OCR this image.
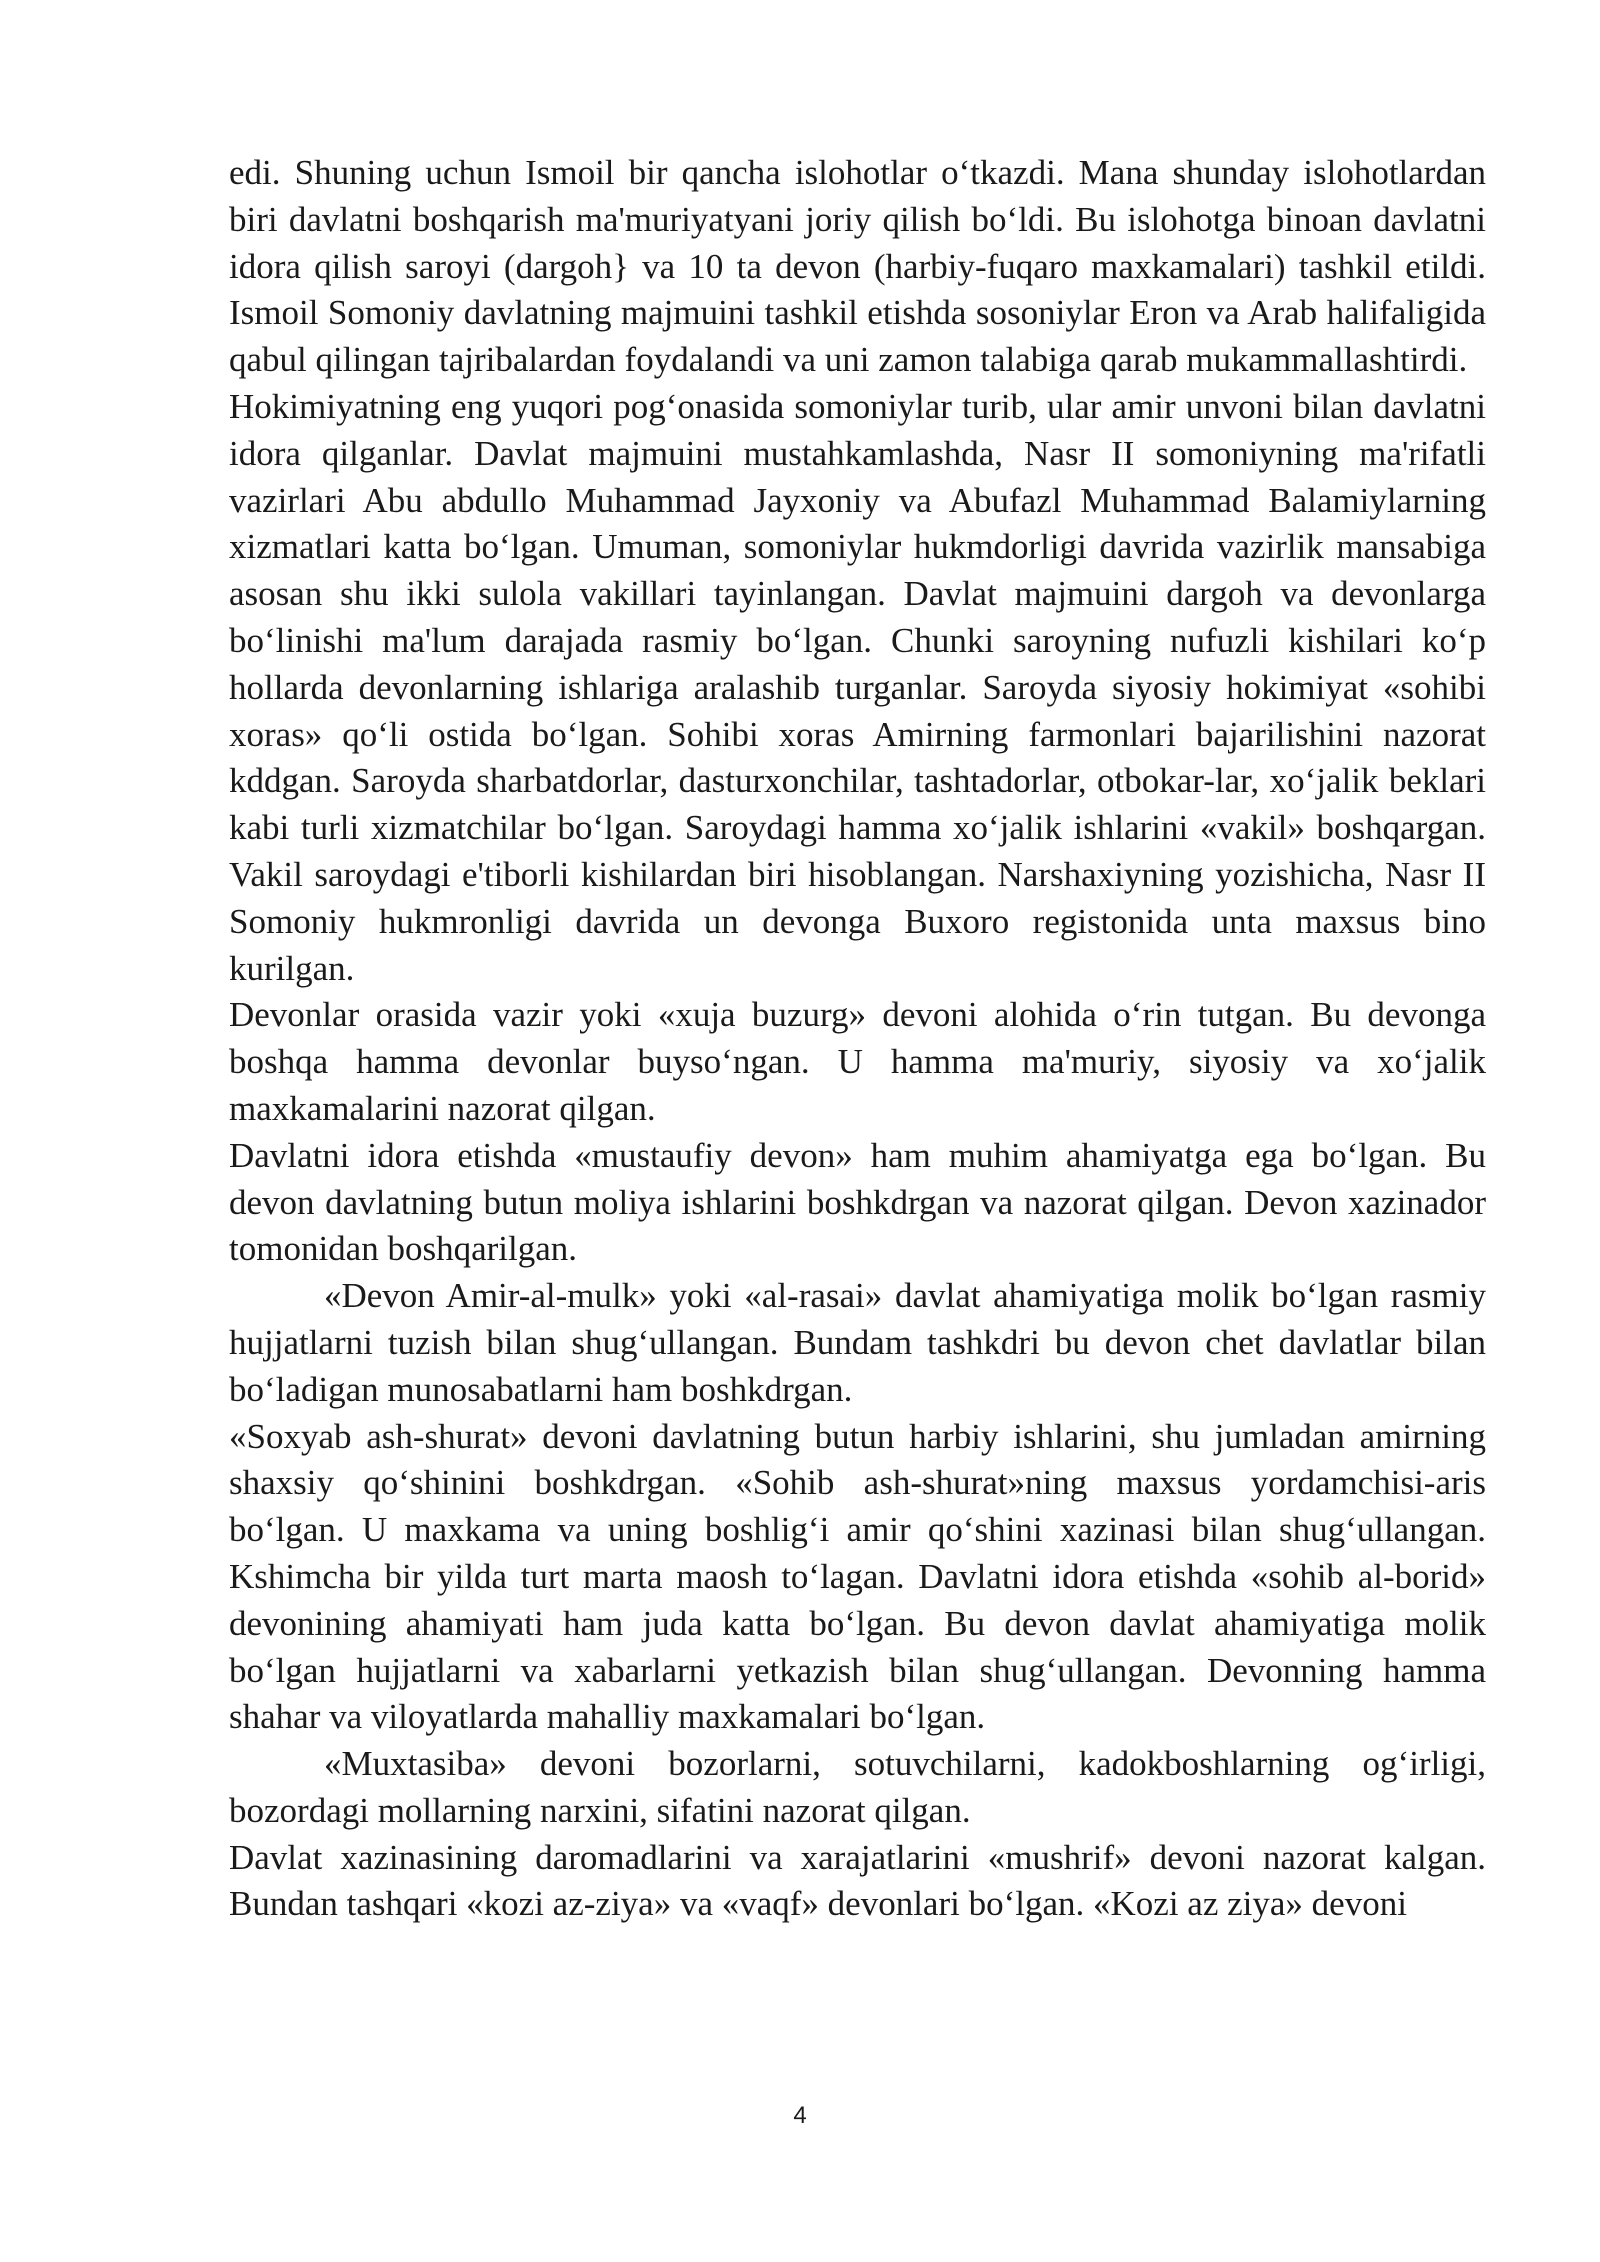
edi. Shuning uchun Ismoil bir qancha islohotlar o‘tkazdi. Mana shunday islohotlardan biri davlatni boshqarish ma'muriyatyani joriy qilish bo‘ldi. Bu islohotga binoan davlatni idora qilish saroyi (dargoh} va 10 ta devon (harbiy-fuqaro maxkamalari) tashkil etildi. Ismoil Somoniy davlatning majmuini tashkil etishda sosoniylar Eron va Arab halifaligida qabul qilingan tajribalardan foydalandi va uni zamon talabiga qarab mukammallashtirdi.

Hokimiyatning eng yuqori pog‘onasida somoniylar turib, ular amir unvoni bilan davlatni idora qilganlar. Davlat majmuini mustahkamlashda, Nasr II somoniyning ma'rifatli vazirlari Abu abdullo Muhammad Jayxoniy va Abufazl Muhammad Balamiylarning xizmatlari katta bo‘lgan. Umuman, somoniylar hukmdorligi davrida vazirlik mansabiga asosan shu ikki sulola vakillari tayinlangan. Davlat majmuini dargoh va devonlarga bo‘linishi ma'lum darajada rasmiy bo‘lgan. Chunki saroyning nufuzli kishilari ko‘p hollarda devonlarning ishlariga aralashib turganlar. Saroyda siyosiy hokimiyat «sohibi xoras» qo‘li ostida bo‘lgan. Sohibi xoras Amirning farmonlari bajarilishini nazorat kddgan. Saroyda sharbatdorlar, dasturxonchilar, tashtadorlar, otbokar-lar, xo‘jalik beklari kabi turli xizmatchilar bo‘lgan. Saroydagi hamma xo‘jalik ishlarini «vakil» boshqargan. Vakil saroydagi e'tiborli kishilardan biri hisoblangan. Narshaxiyning yozishicha, Nasr II Somoniy hukmronligi davrida un devonga Buxoro registonida unta maxsus bino kurilgan.

Devonlar orasida vazir yoki «xuja buzurg» devoni alohida o‘rin tutgan. Bu devonga boshqa hamma devonlar buyso‘ngan. U hamma ma'muriy, siyosiy va xo‘jalik maxkamalarini nazorat qilgan.

Davlatni idora etishda «mustaufiy devon» ham muhim ahamiyatga ega bo‘lgan. Bu devon davlatning butun moliya ishlarini boshkdrgan va nazorat qilgan. Devon xazinador tomonidan boshqarilgan.

«Devon Amir-al-mulk» yoki «al-rasai» davlat ahamiyatiga molik bo‘lgan rasmiy hujjatlarni tuzish bilan shug‘ullangan. Bundam tashkdri bu devon chet davlatlar bilan bo‘ladigan munosabatlarni ham boshkdrgan.

«Soxyab ash-shurat» devoni davlatning butun harbiy ishlarini, shu jumladan amirning shaxsiy qo‘shinini boshkdrgan. «Sohib ash-shurat»ning maxsus yordamchisi-aris bo‘lgan. U maxkama va uning boshlig‘i amir qo‘shini xazinasi bilan shug‘ullangan. Kshimcha bir yilda turt marta maosh to‘lagan. Davlatni idora etishda «sohib al-borid» devonining ahamiyati ham juda katta bo‘lgan. Bu devon davlat ahamiyatiga molik bo‘lgan hujjatlarni va xabarlarni yetkazish bilan shug‘ullangan. Devonning hamma shahar va viloyatlarda mahalliy maxkamalari bo‘lgan.

«Muxtasiba» devoni bozorlarni, sotuvchilarni, kadokboshlarning og‘irligi, bozordagi mollarning narxini, sifatini nazorat qilgan.

Davlat xazinasining daromadlarini va xarajatlarini «mushrif» devoni nazorat kalgan. Bundan tashqari «kozi az-ziya» va «vaqf» devonlari bo‘lgan. «Kozi az ziya» devoni

4
